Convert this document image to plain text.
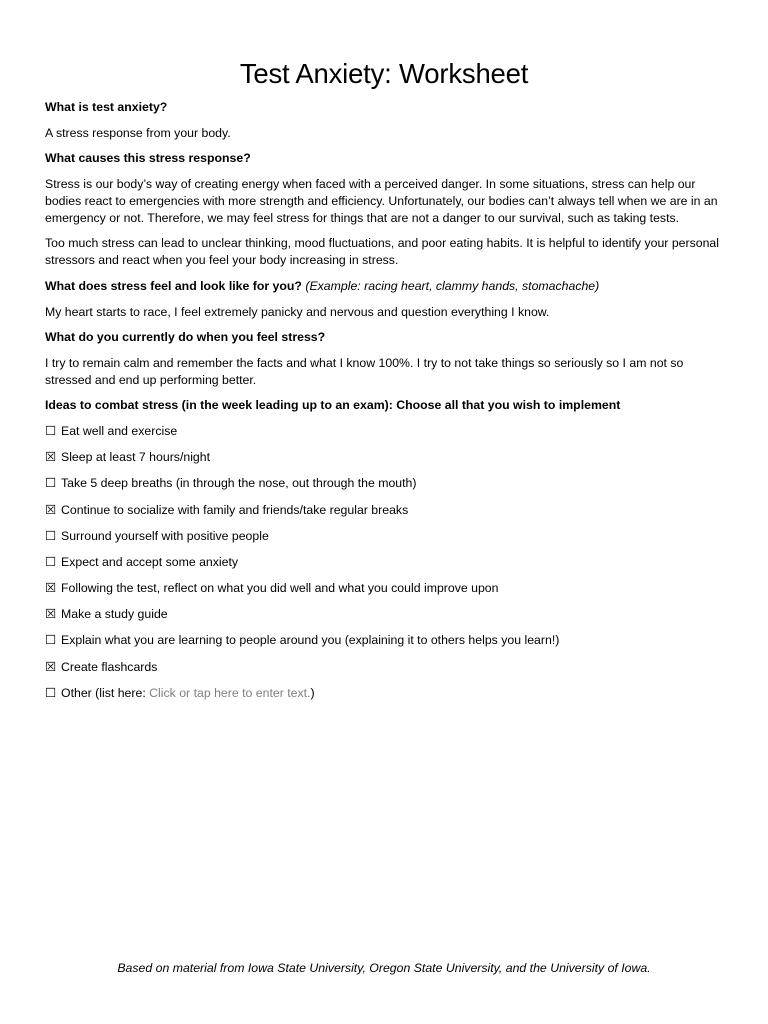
Test Anxiety: Worksheet

What is test anxiety?

A stress response from your body.

What causes this stress response?

Stress is our body’s way of creating energy when faced with a perceived danger. In some situations, stress can help our bodies react to emergencies with more strength and efficiency. Unfortunately, our bodies can’t always tell when we are in an emergency or not. Therefore, we may feel stress for things that are not a danger to our survival, such as taking tests.

Too much stress can lead to unclear thinking, mood fluctuations, and poor eating habits. It is helpful to identify your personal stressors and react when you feel your body increasing in stress.

What does stress feel and look like for you? (Example: racing heart, clammy hands, stomachache)

My heart starts to race, I feel extremely panicky and nervous and question everything I know.

What do you currently do when you feel stress?

I try to remain calm and remember the facts and what I know 100%. I try to not take things so seriously so I am not so stressed and end up performing better.

Ideas to combat stress (in the week leading up to an exam): Choose all that you wish to implement

☐ Eat well and exercise
☒ Sleep at least 7 hours/night
☐ Take 5 deep breaths (in through the nose, out through the mouth)
☒ Continue to socialize with family and friends/take regular breaks
☐ Surround yourself with positive people
☐ Expect and accept some anxiety
☒ Following the test, reflect on what you did well and what you could improve upon
☒ Make a study guide
☐ Explain what you are learning to people around you (explaining it to others helps you learn!)
☒ Create flashcards
☐ Other (list here: Click or tap here to enter text.)
Based on material from Iowa State University, Oregon State University, and the University of Iowa.
